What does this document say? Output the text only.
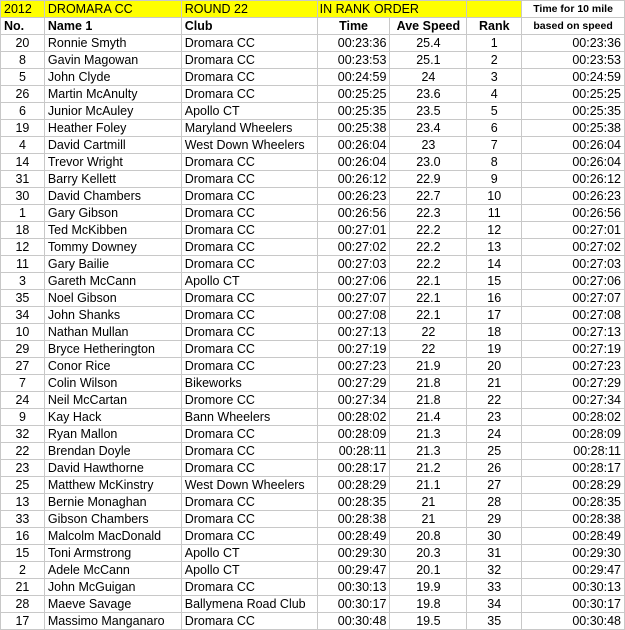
2012	DROMARA CC	ROUND 22	IN RANK ORDER			Time for 10 mile
No.	Name 1	Club	Time	Ave Speed	Rank	based on speed
20	Ronnie Smyth	Dromara CC	00:23:36	25.4	1	00:23:36
8	Gavin Magowan	Dromara CC	00:23:53	25.1	2	00:23:53
5	John Clyde	Dromara CC	00:24:59	24	3	00:24:59
26	Martin McAnulty	Dromara CC	00:25:25	23.6	4	00:25:25
6	Junior McAuley	Apollo CT	00:25:35	23.5	5	00:25:35
19	Heather Foley	Maryland Wheelers	00:25:38	23.4	6	00:25:38
4	David Cartmill	West Down Wheelers	00:26:04	23	7	00:26:04
14	Trevor Wright	Dromara CC	00:26:04	23.0	8	00:26:04
31	Barry Kellett	Dromara CC	00:26:12	22.9	9	00:26:12
30	David Chambers	Dromara CC	00:26:23	22.7	10	00:26:23
1	Gary Gibson	Dromara CC	00:26:56	22.3	11	00:26:56
18	Ted McKibben	Dromara CC	00:27:01	22.2	12	00:27:01
12	Tommy Downey	Dromara CC	00:27:02	22.2	13	00:27:02
11	Gary Bailie	Dromara CC	00:27:03	22.2	14	00:27:03
3	Gareth McCann	Apollo CT	00:27:06	22.1	15	00:27:06
35	Noel Gibson	Dromara CC	00:27:07	22.1	16	00:27:07
34	John Shanks	Dromara CC	00:27:08	22.1	17	00:27:08
10	Nathan Mullan	Dromara CC	00:27:13	22	18	00:27:13
29	Bryce Hetherington	Dromara CC	00:27:19	22	19	00:27:19
27	Conor Rice	Dromara CC	00:27:23	21.9	20	00:27:23
7	Colin Wilson	Bikeworks	00:27:29	21.8	21	00:27:29
24	Neil McCartan	Dromore CC	00:27:34	21.8	22	00:27:34
9	Kay Hack	Bann Wheelers	00:28:02	21.4	23	00:28:02
32	Ryan Mallon	Dromara CC	00:28:09	21.3	24	00:28:09
22	Brendan Doyle	Dromara CC	00:28:11	21.3	25	00:28:11
23	David Hawthorne	Dromara CC	00:28:17	21.2	26	00:28:17
25	Matthew McKinstry	West Down Wheelers	00:28:29	21.1	27	00:28:29
13	Bernie Monaghan	Dromara CC	00:28:35	21	28	00:28:35
33	Gibson Chambers	Dromara CC	00:28:38	21	29	00:28:38
16	Malcolm MacDonald	Dromara CC	00:28:49	20.8	30	00:28:49
15	Toni Armstrong	Apollo CT	00:29:30	20.3	31	00:29:30
2	Adele McCann	Apollo CT	00:29:47	20.1	32	00:29:47
21	John McGuigan	Dromara CC	00:30:13	19.9	33	00:30:13
28	Maeve Savage	Ballymena Road Club	00:30:17	19.8	34	00:30:17
17	Massimo Manganaro	Dromara CC	00:30:48	19.5	35	00:30:48
